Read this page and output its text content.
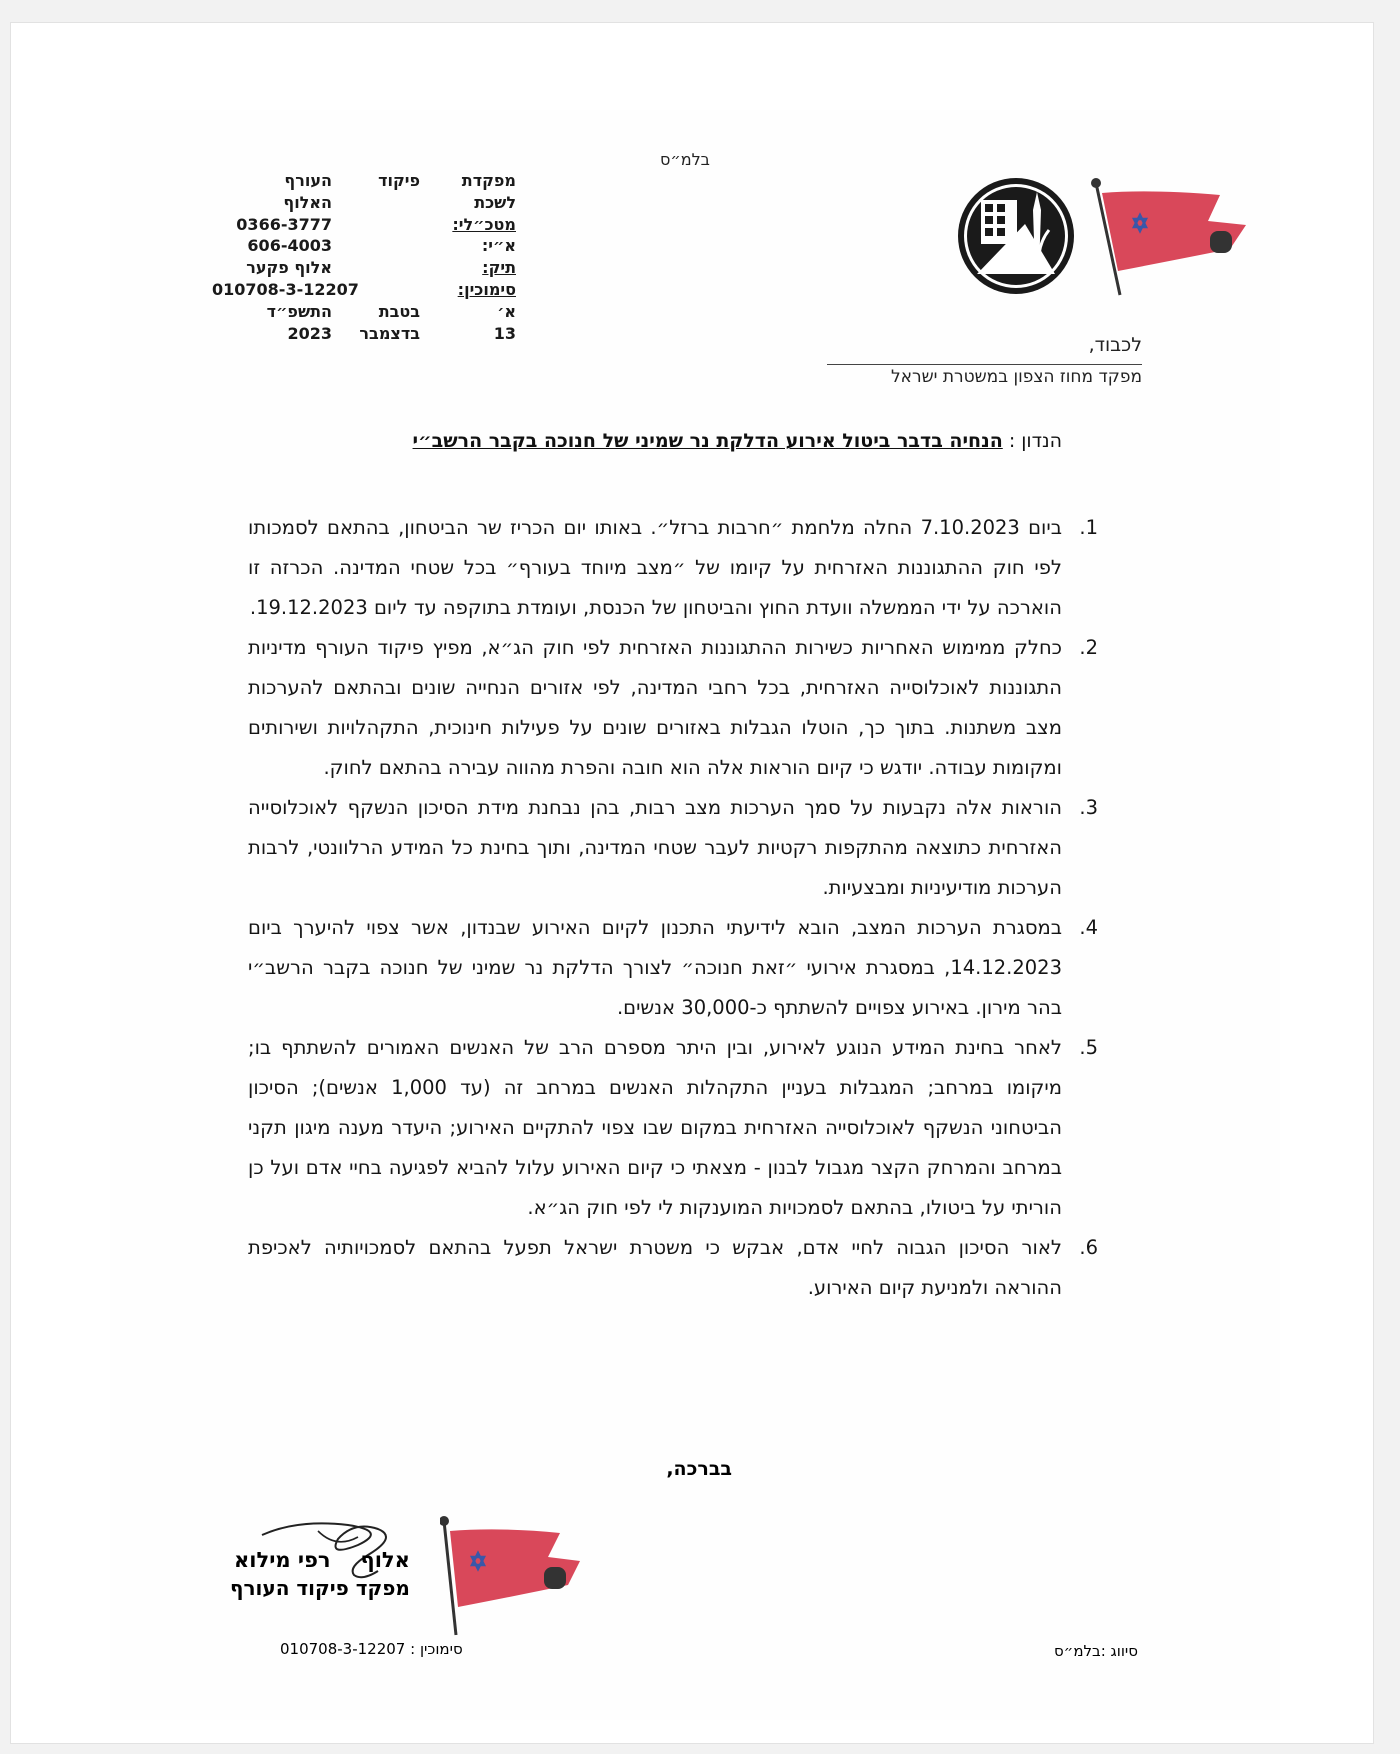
בלמ״ס
מפקדת
לשכת
מטכ״לי:
א״י:
תיק:
סימוכין:
א׳
13
פיקוד
בטבת
בדצמבר
העורף
האלוף
0366-3777
606-4003
אלוף פקער
010708-3-12207
התשפ״ד
2023
לכבוד,
מפקד מחוז הצפון במשטרת ישראל
הנדון : הנחיה בדבר ביטול אירוע הדלקת נר שמיני של חנוכה בקבר הרשב״י
1.
ביום 7.10.2023 החלה מלחמת ״חרבות ברזל״. באותו יום הכריז שר הביטחון, בהתאם לסמכותו לפי חוק ההתגוננות האזרחית על קיומו של ״מצב מיוחד בעורף״ בכל שטחי המדינה. הכרזה זו הוארכה על ידי הממשלה וועדת החוץ והביטחון של הכנסת, ועומדת בתוקפה עד ליום 19.12.2023.
2.
כחלק ממימוש האחריות כשירות ההתגוננות האזרחית לפי חוק הג״א, מפיץ פיקוד העורף מדיניות התגוננות לאוכלוסייה האזרחית, בכל רחבי המדינה, לפי אזורים הנחייה שונים ובהתאם להערכות מצב משתנות. בתוך כך, הוטלו הגבלות באזורים שונים על פעילות חינוכית, התקהלויות ושירותים ומקומות עבודה. יודגש כי קיום הוראות אלה הוא חובה והפרת מהווה עבירה בהתאם לחוק.
3.
הוראות אלה נקבעות על סמך הערכות מצב רבות, בהן נבחנת מידת הסיכון הנשקף לאוכלוסייה האזרחית כתוצאה מהתקפות רקטיות לעבר שטחי המדינה, ותוך בחינת כל המידע הרלוונטי, לרבות הערכות מודיעיניות ומבצעיות.
4.
במסגרת הערכות המצב, הובא לידיעתי התכנון לקיום האירוע שבנדון, אשר צפוי להיערך ביום 14.12.2023, במסגרת אירועי ״זאת חנוכה״ לצורך הדלקת נר שמיני של חנוכה בקבר הרשב״י בהר מירון. באירוע צפויים להשתתף כ-30,000 אנשים.
5.
לאחר בחינת המידע הנוגע לאירוע, ובין היתר מספרם הרב של האנשים האמורים להשתתף בו; מיקומו במרחב; המגבלות בעניין התקהלות האנשים במרחב זה (עד 1,000 אנשים); הסיכון הביטחוני הנשקף לאוכלוסייה האזרחית במקום שבו צפוי להתקיים האירוע; היעדר מענה מיגון תקני במרחב והמרחק הקצר מגבול לבנון - מצאתי כי קיום האירוע עלול להביא לפגיעה בחיי אדם ועל כן הוריתי על ביטולו, בהתאם לסמכויות המוענקות לי לפי חוק הג״א.
6.
לאור הסיכון הגבוה לחיי אדם, אבקש כי משטרת ישראל תפעל בהתאם לסמכויותיה לאכיפת ההוראה ולמניעת קיום האירוע.
בברכה,
אלוףרפי מילוא
מפקד פיקוד העורף
סימוכין : 010708-3-12207	סיווג :בלמ״ס
